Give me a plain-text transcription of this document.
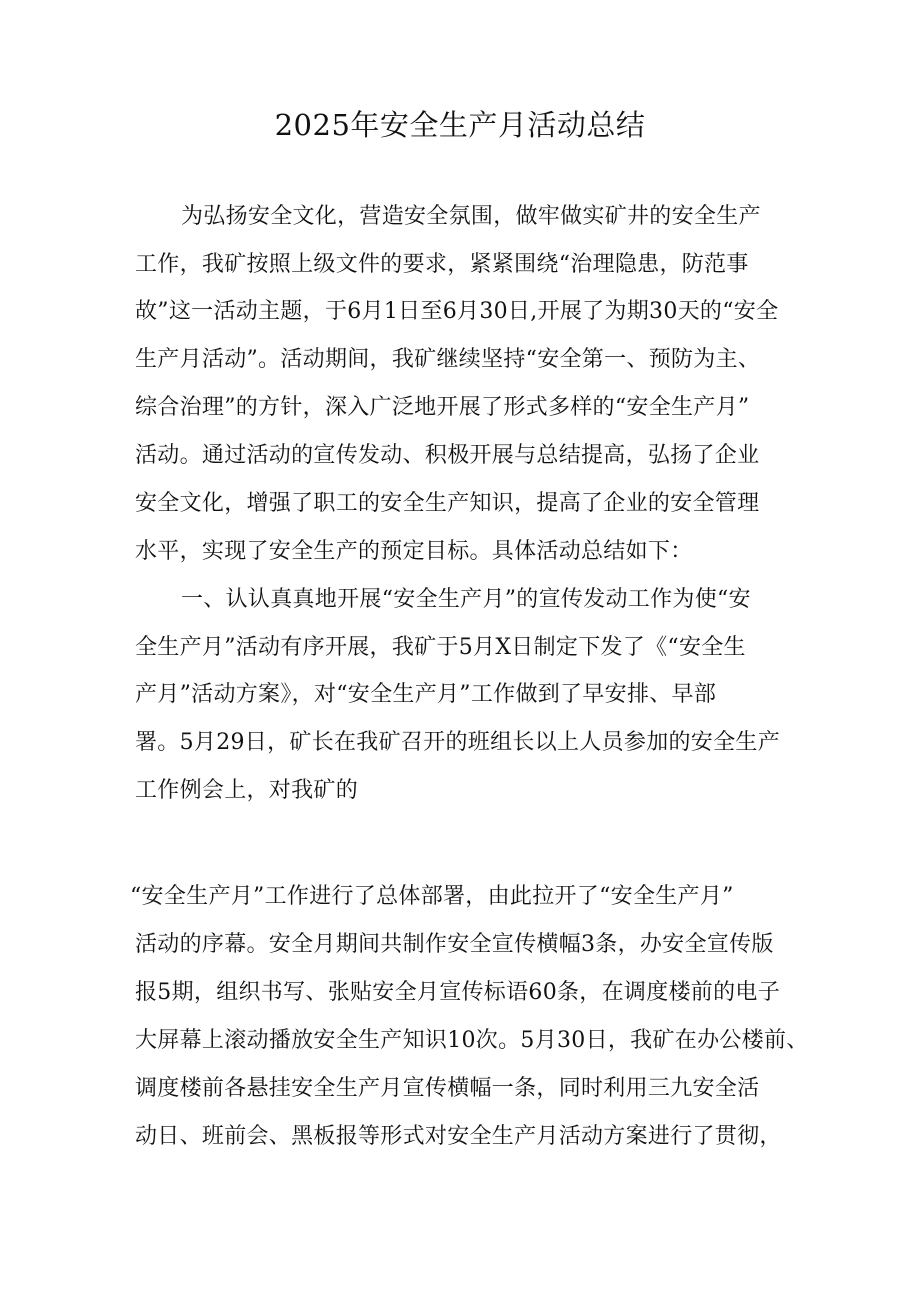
2025年安全生产月活动总结

为弘扬安全文化，营造安全氛围，做牢做实矿井的安全生产

工作，我矿按照上级文件的要求，紧紧围绕“治理隐患，防范事

故”这一活动主题，于6月1日至6月30日,开展了为期30天的“安全

生产月活动”。活动期间，我矿继续坚持“安全第一、预防为主、

综合治理”的方针，深入广泛地开展了形式多样的“安全生产月”

活动。通过活动的宣传发动、积极开展与总结提高，弘扬了企业

安全文化，增强了职工的安全生产知识，提高了企业的安全管理

水平，实现了安全生产的预定目标。具体活动总结如下：

一、认认真真地开展“安全生产月”的宣传发动工作为使“安

全生产月”活动有序开展，我矿于5月X日制定下发了《“安全生

产月”活动方案》，对“安全生产月”工作做到了早安排、早部

署。5月29日，矿长在我矿召开的班组长以上人员参加的安全生产

工作例会上，对我矿的

“安全生产月”工作进行了总体部署，由此拉开了“安全生产月”

活动的序幕。安全月期间共制作安全宣传横幅3条，办安全宣传版

报5期，组织书写、张贴安全月宣传标语60条，在调度楼前的电子

大屏幕上滚动播放安全生产知识10次。5月30日，我矿在办公楼前、

调度楼前各悬挂安全生产月宣传横幅一条，同时利用三九安全活

动日、班前会、黑板报等形式对安全生产月活动方案进行了贯彻，
